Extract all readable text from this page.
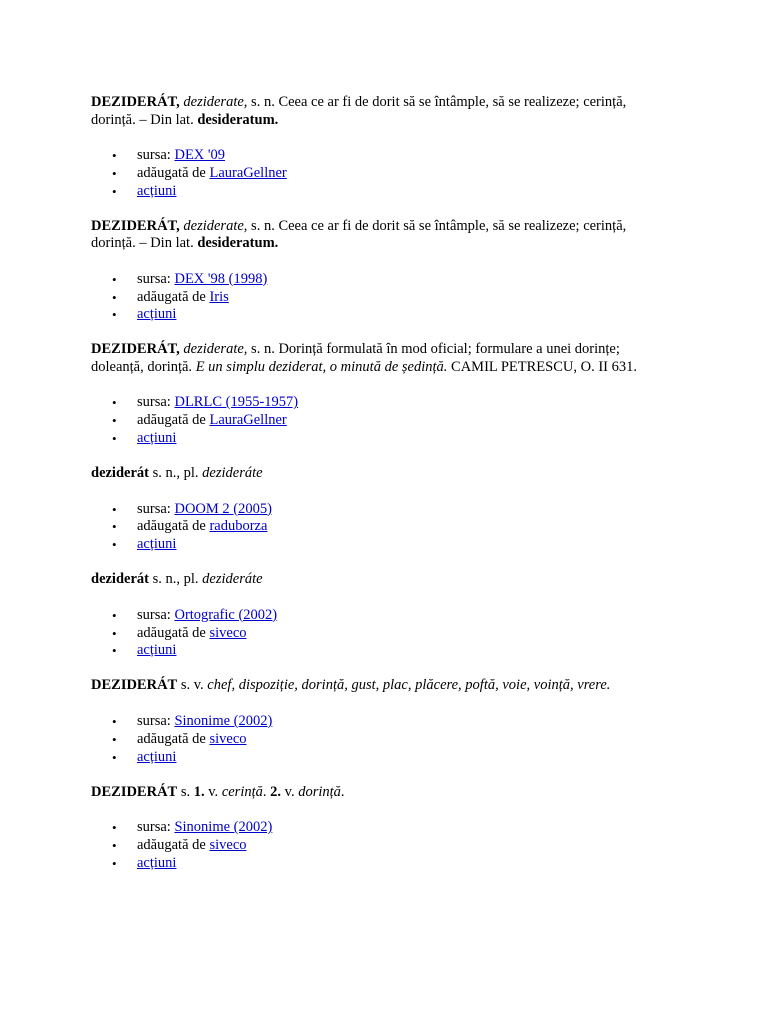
DEZIDERÁT, deziderate, s. n. Ceea ce ar fi de dorit să se întâmple, să se realizeze; cerință, dorință. – Din lat. desideratum.

• sursa: DEX '09
• adăugată de LauraGellner
• acțiuni

DEZIDERÁT, deziderate, s. n. Ceea ce ar fi de dorit să se întâmple, să se realizeze; cerință, dorință. – Din lat. desideratum.

• sursa: DEX '98 (1998)
• adăugată de Iris
• acțiuni

DEZIDERÁT, deziderate, s. n. Dorință formulată în mod oficial; formulare a unei dorințe; doleanță, dorință. E un simplu deziderat, o minută de ședință. CAMIL PETRESCU, O. II 631.

• sursa: DLRLC (1955-1957)
• adăugată de LauraGellner
• acțiuni

deziderát s. n., pl. dezideráte

• sursa: DOOM 2 (2005)
• adăugată de raduborza
• acțiuni

deziderát s. n., pl. dezideráte

• sursa: Ortografic (2002)
• adăugată de siveco
• acțiuni

DEZIDERÁT s. v. chef, dispoziție, dorință, gust, plac, plăcere, poftă, voie, voință, vrere.

• sursa: Sinonime (2002)
• adăugată de siveco
• acțiuni

DEZIDERÁT s. 1. v. cerință. 2. v. dorință.

• sursa: Sinonime (2002)
• adăugată de siveco
• acțiuni
